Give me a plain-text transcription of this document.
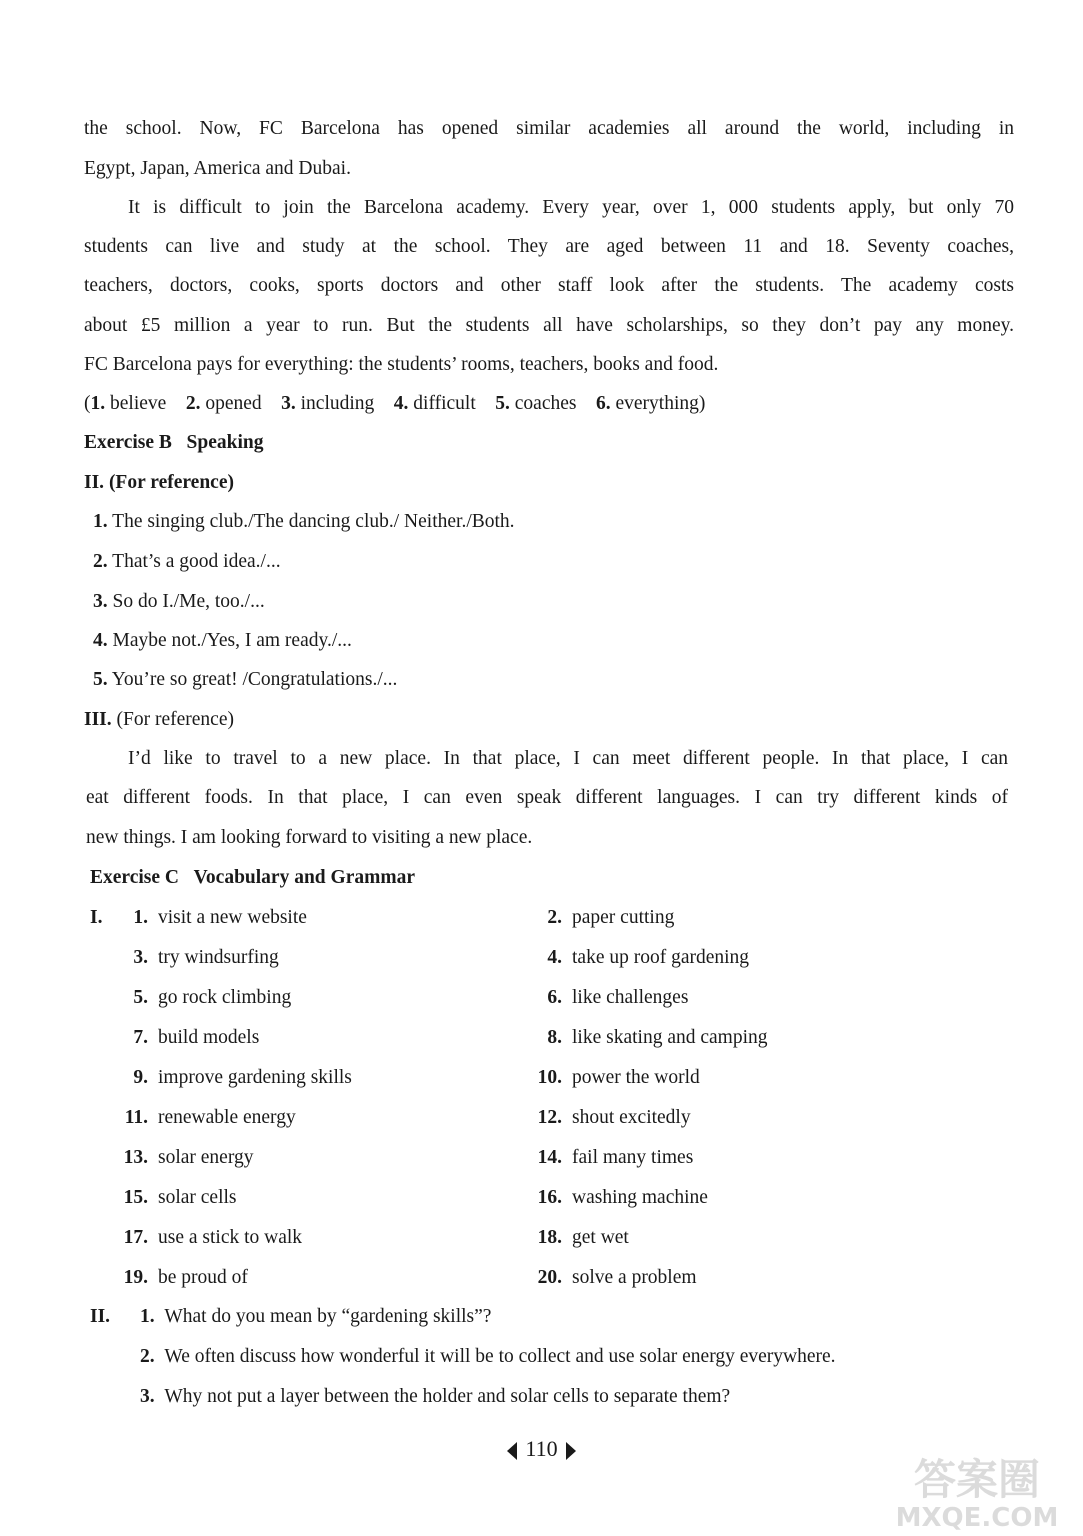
the school. Now, FC Barcelona has opened similar academies all around the world, including in
Egypt, Japan, America and Dubai.
It is difficult to join the Barcelona academy. Every year, over 1, 000 students apply, but only 70
students can live and study at the school. They are aged between 11 and 18. Seventy coaches,
teachers, doctors, cooks, sports doctors and other staff look after the students. The academy costs
about £5 million a year to run. But the students all have scholarships, so they don’t pay any money.
FC Barcelona pays for everything: the students’ rooms, teachers, books and food.
(1. believe 2. opened 3. including 4. difficult 5. coaches 6. everything)
Exercise B Speaking
II. (For reference)
1. The singing club./The dancing club./ Neither./Both.
2. That’s a good idea./...
3. So do I./Me, too./...
4. Maybe not./Yes, I am ready./...
5. You’re so great! /Congratulations./...
III. (For reference)
I’d like to travel to a new place. In that place, I can meet different people. In that place, I can
eat different foods. In that place, I can even speak different languages. I can try different kinds of
new things. I am looking forward to visiting a new place.
Exercise C Vocabulary and Grammar
I.	1. visit a new website	2. paper cutting
3. try windsurfing	4. take up roof gardening
5. go rock climbing	6. like challenges
7. build models	8. like skating and camping
9. improve gardening skills	10. power the world
11. renewable energy	12. shout excitedly
13. solar energy	14. fail many times
15. solar cells	16. washing machine
17. use a stick to walk	18. get wet
19. be proud of	20. solve a problem
II. 1. What do you mean by “gardening skills”?
2. We often discuss how wonderful it will be to collect and use solar energy everywhere.
3. Why not put a layer between the holder and solar cells to separate them?
110
答案圈
MXQE.COM
